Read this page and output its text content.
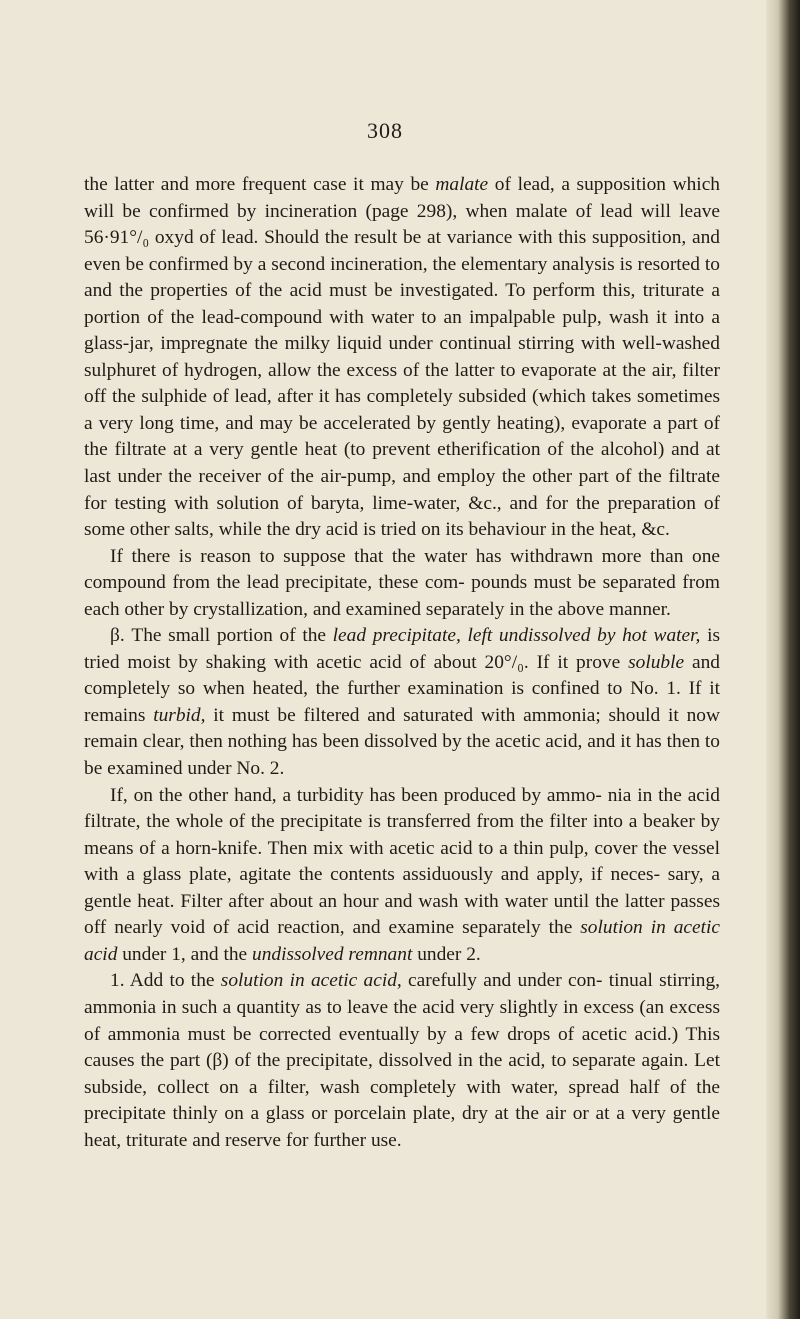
308

the latter and more frequent case it may be malate of lead, a supposition which will be confirmed by incineration (page 298), when malate of lead will leave 56·91°/₀ oxyd of lead. Should the result be at variance with this supposition, and even be confirmed by a second incineration, the elementary analysis is resorted to and the properties of the acid must be investigated. To perform this, triturate a portion of the lead-compound with water to an impalpable pulp, wash it into a glass-jar, impregnate the milky liquid under continual stirring with well-washed sulphuret of hydrogen, allow the excess of the latter to evaporate at the air, filter off the sulphide of lead, after it has completely subsided (which takes sometimes a very long time, and may be accelerated by gently heating), evaporate a part of the filtrate at a very gentle heat (to prevent etherification of the alcohol) and at last under the receiver of the air-pump, and employ the other part of the filtrate for testing with solution of baryta, lime-water, &c., and for the preparation of some other salts, while the dry acid is tried on its behaviour in the heat, &c.

If there is reason to suppose that the water has withdrawn more than one compound from the lead precipitate, these com- pounds must be separated from each other by crystallization, and examined separately in the above manner.

β. The small portion of the lead precipitate, left undissolved by hot water, is tried moist by shaking with acetic acid of about 20°/₀. If it prove soluble and completely so when heated, the further examination is confined to No. 1. If it remains turbid, it must be filtered and saturated with ammonia; should it now remain clear, then nothing has been dissolved by the acetic acid, and it has then to be examined under No. 2.

If, on the other hand, a turbidity has been produced by ammo- nia in the acid filtrate, the whole of the precipitate is transferred from the filter into a beaker by means of a horn-knife. Then mix with acetic acid to a thin pulp, cover the vessel with a glass plate, agitate the contents assiduously and apply, if neces- sary, a gentle heat. Filter after about an hour and wash with water until the latter passes off nearly void of acid reaction, and examine separately the solution in acetic acid under 1, and the undissolved remnant under 2.

1. Add to the solution in acetic acid, carefully and under con- tinual stirring, ammonia in such a quantity as to leave the acid very slightly in excess (an excess of ammonia must be corrected eventually by a few drops of acetic acid.) This causes the part (β) of the precipitate, dissolved in the acid, to separate again. Let subside, collect on a filter, wash completely with water, spread half of the precipitate thinly on a glass or porcelain plate, dry at the air or at a very gentle heat, triturate and reserve for further use.
